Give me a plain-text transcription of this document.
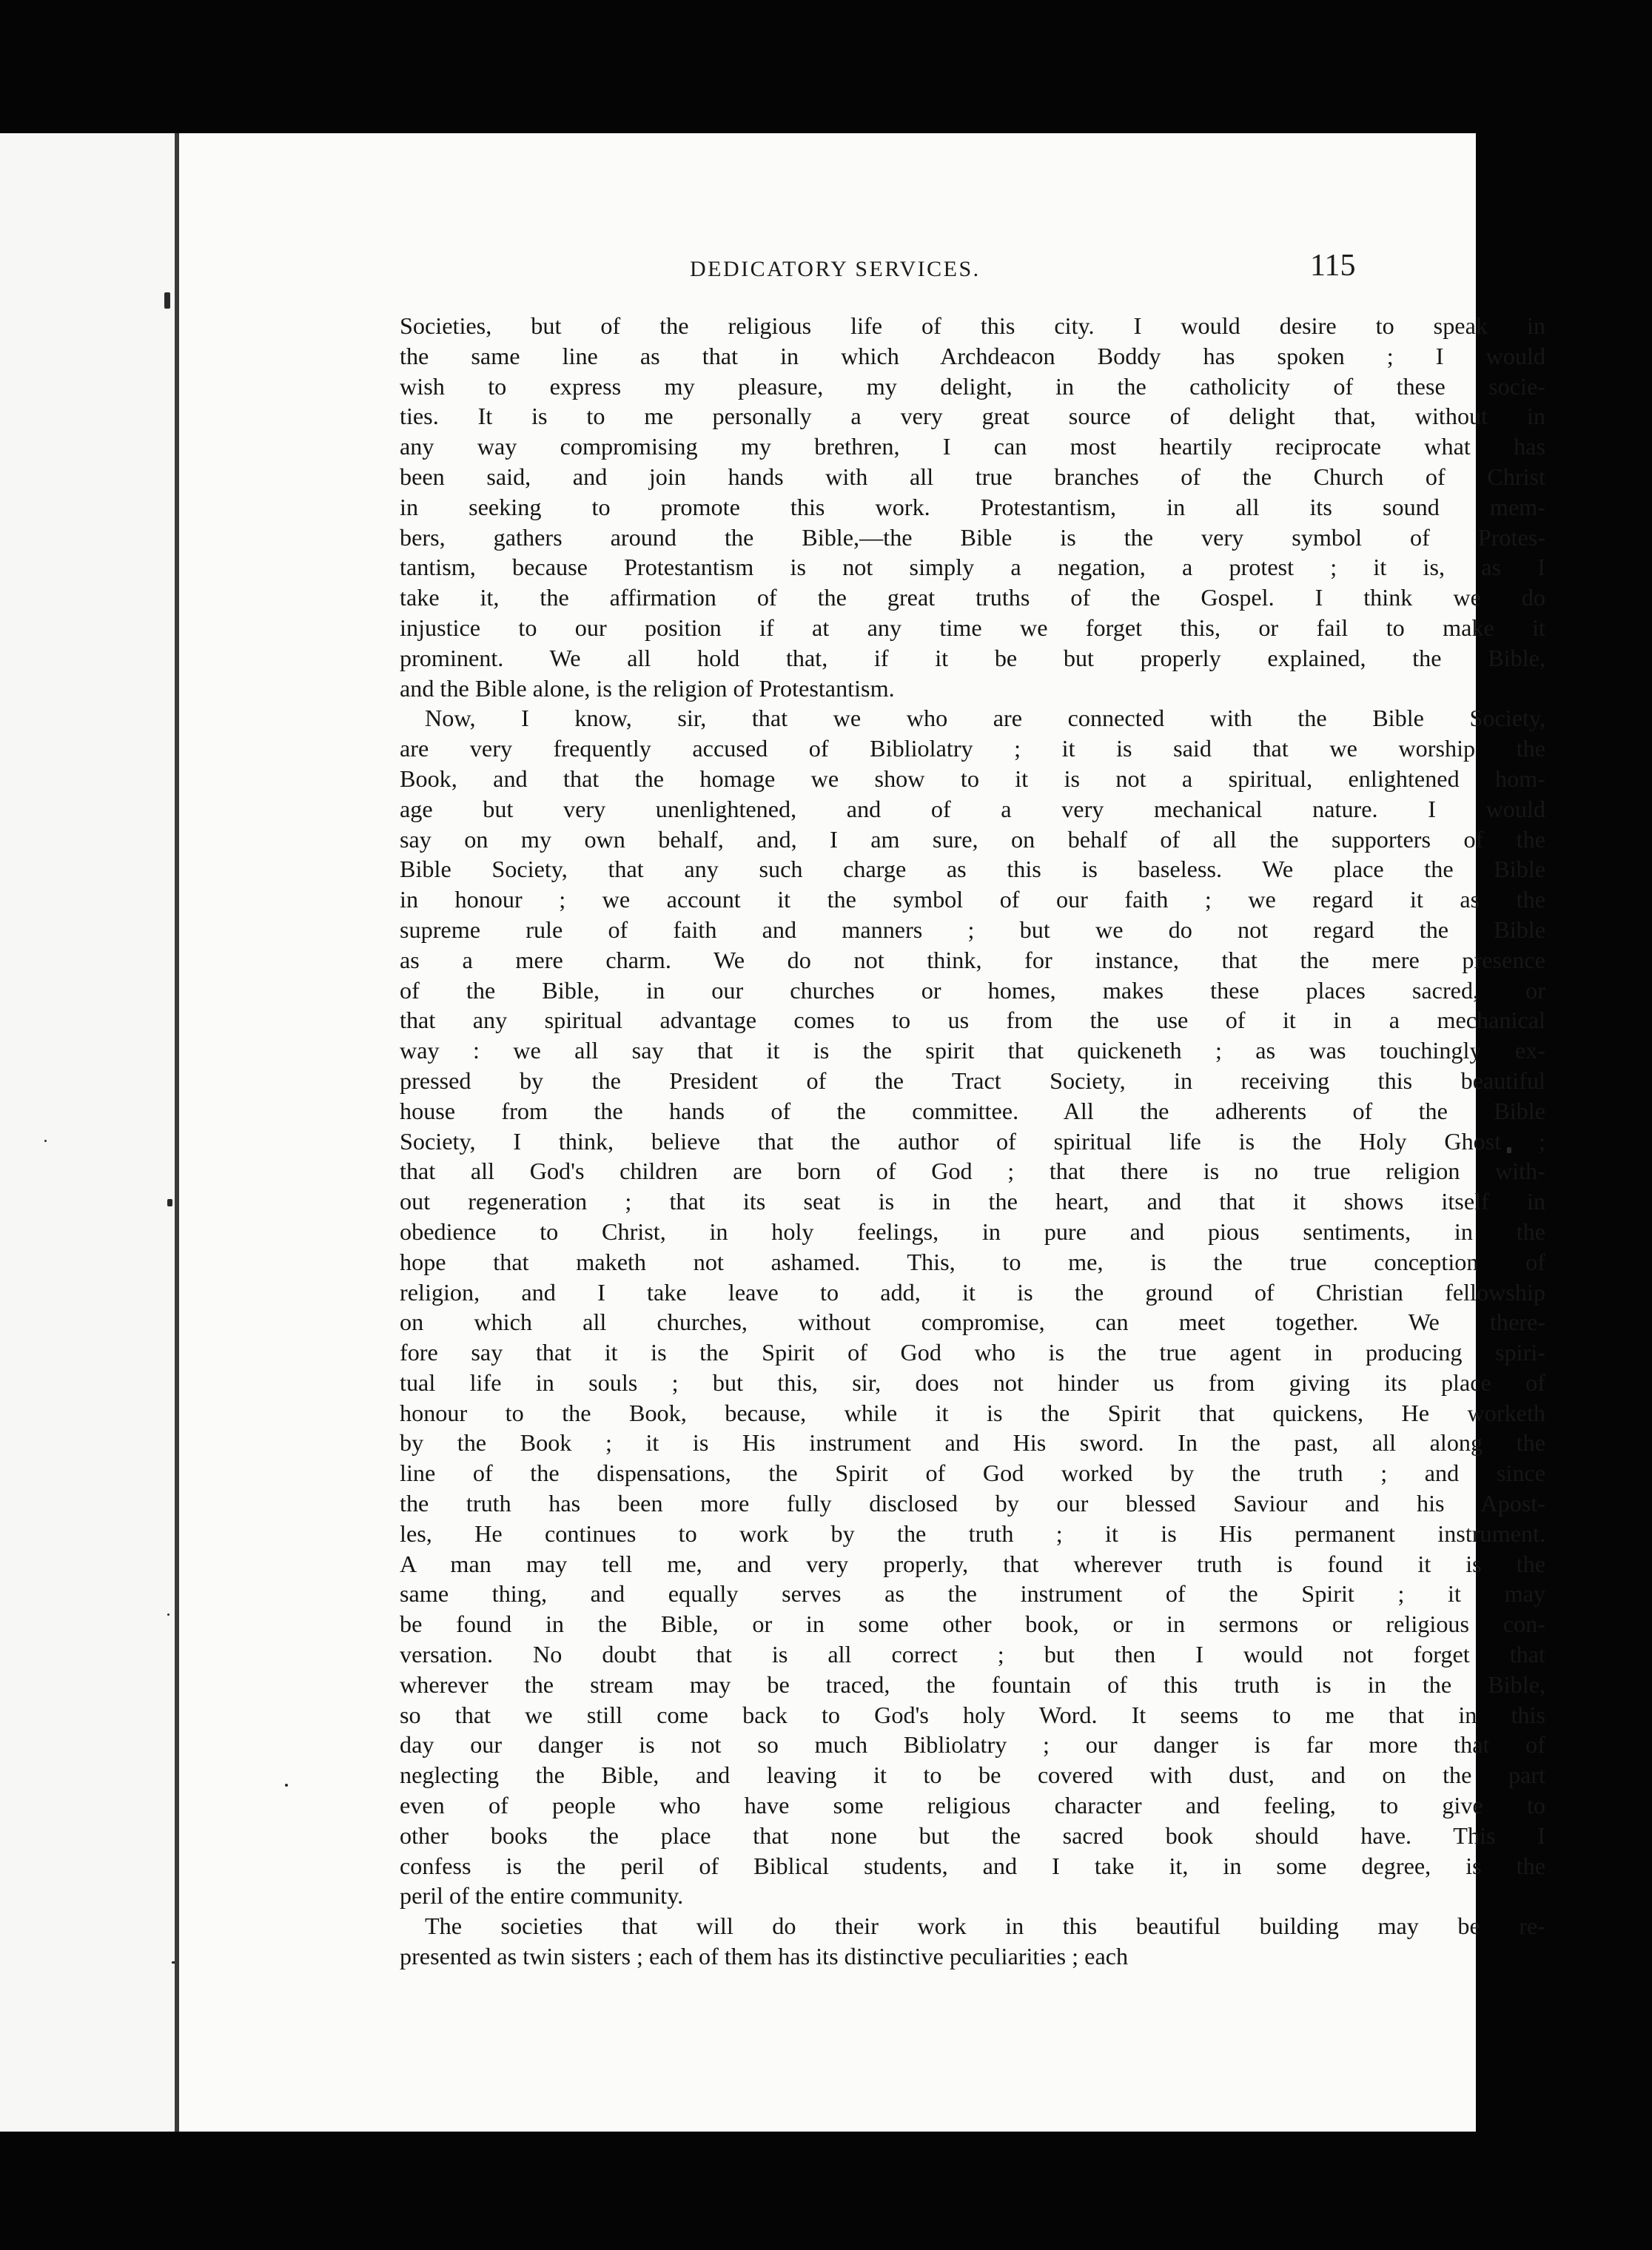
DEDICATORY SERVICES.	115
Societies, but of the religious life of this city. I would desire to speak in
the same line as that in which Archdeacon Boddy has spoken ; I would
wish to express my pleasure, my delight, in the catholicity of these socie-
ties. It is to me personally a very great source of delight that, without in
any way compromising my brethren, I can most heartily reciprocate what has
been said, and join hands with all true branches of the Church of Christ
in seeking to promote this work. Protestantism, in all its sound mem-
bers, gathers around the Bible,—the Bible is the very symbol of Protes-
tantism, because Protestantism is not simply a negation, a protest ; it is, as I
take it, the affirmation of the great truths of the Gospel. I think we do
injustice to our position if at any time we forget this, or fail to make it
prominent. We all hold that, if it be but properly explained, the Bible,
and the Bible alone, is the religion of Protestantism.
Now, I know, sir, that we who are connected with the Bible Society,
are very frequently accused of Bibliolatry ; it is said that we worship the
Book, and that the homage we show to it is not a spiritual, enlightened hom-
age but very unenlightened, and of a very mechanical nature. I would
say on my own behalf, and, I am sure, on behalf of all the supporters of the
Bible Society, that any such charge as this is baseless. We place the Bible
in honour ; we account it the symbol of our faith ; we regard it as the
supreme rule of faith and manners ; but we do not regard the Bible
as a mere charm. We do not think, for instance, that the mere presence
of the Bible, in our churches or homes, makes these places sacred, or
that any spiritual advantage comes to us from the use of it in a mechanical
way : we all say that it is the spirit that quickeneth ; as was touchingly ex-
pressed by the President of the Tract Society, in receiving this beautiful
house from the hands of the committee. All the adherents of the Bible
Society, I think, believe that the author of spiritual life is the Holy Ghost ;
that all God's children are born of God ; that there is no true religion with-
out regeneration ; that its seat is in the heart, and that it shows itself in
obedience to Christ, in holy feelings, in pure and pious sentiments, in the
hope that maketh not ashamed. This, to me, is the true conception of
religion, and I take leave to add, it is the ground of Christian fellowship
on which all churches, without compromise, can meet together. We there-
fore say that it is the Spirit of God who is the true agent in producing spiri-
tual life in souls ; but this, sir, does not hinder us from giving its place of
honour to the Book, because, while it is the Spirit that quickens, He worketh
by the Book ; it is His instrument and His sword. In the past, all along the
line of the dispensations, the Spirit of God worked by the truth ; and since
the truth has been more fully disclosed by our blessed Saviour and his Apost-
les, He continues to work by the truth ; it is His permanent instrument.
A man may tell me, and very properly, that wherever truth is found it is the
same thing, and equally serves as the instrument of the Spirit ; it may
be found in the Bible, or in some other book, or in sermons or religious con-
versation. No doubt that is all correct ; but then I would not forget that
wherever the stream may be traced, the fountain of this truth is in the Bible,
so that we still come back to God's holy Word. It seems to me that in this
day our danger is not so much Bibliolatry ; our danger is far more that of
neglecting the Bible, and leaving it to be covered with dust, and on the part
even of people who have some religious character and feeling, to give to
other books the place that none but the sacred book should have. This I
confess is the peril of Biblical students, and I take it, in some degree, is the
peril of the entire community.
The societies that will do their work in this beautiful building may be re-
presented as twin sisters ; each of them has its distinctive peculiarities ; each
